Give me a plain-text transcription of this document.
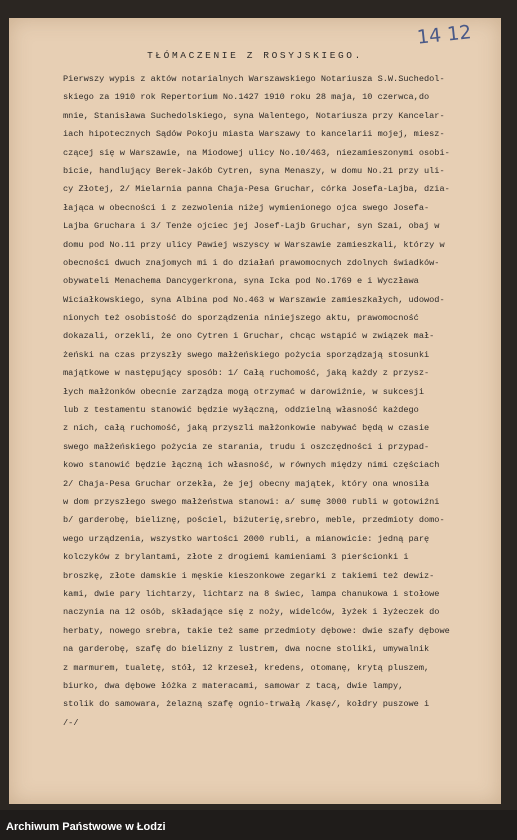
14 12
TŁÓMACZENIE Z ROSYJSKIEGO.
Pierwszy wypis z aktów notarialnych Warszawskiego Notariusza S.W.Suchedol-
skiego za 1910 rok Repertorium No.1427 1910 roku 28 maja, 10 czerwca,do
mnie, Stanisława Suchedolskiego, syna Walentego, Notariusza przy Kancelar-
iach hipotecznych Sądów Pokoju miasta Warszawy to kancelarii mojej, miesz-
czącej się w Warszawie, na Miodowej ulicy No.10/463, niezamieszonymi osobi-
bicie, handlujący Berek-Jakób Cytren, syna Menaszy, w domu No.21 przy uli-
cy Złotej, 2/ Mielarnia panna Chaja-Pesa Gruchar, córka Josefa-Lajba, dzia-
łająca w obecności i z zezwolenia niżej wymienionego ojca swego Josefa-
Lajba Gruchara i 3/ Tenże ojciec jej Josef-Lajb Gruchar, syn Szai, obaj w
domu pod No.11 przy ulicy Pawiej wszyscy w Warszawie zamieszkali, którzy w
obecności dwuch znajomych mi i do działań prawomocnych zdolnych świadków-
obywateli Menachema Dancygerkrona, syna Icka pod No.1769 e i Wyczława
Wiciałkowskiego, syna Albina pod No.463 w Warszawie zamieszkałych, udowod-
nionych też osobistość do sporządzenia niniejszego aktu, prawomocność
dokazali, orzekli, że ono Cytren i Gruchar, chcąc wstąpić w związek mał-
żeński na czas przyszły swego małżeńskiego pożycia sporządzają stosunki
majątkowe w następujący sposób: 1/ Całą ruchomość, jaką każdy z przysz-
łych małżonków obecnie zarządza mogą otrzymać w darowiźnie, w sukcesji
lub z testamentu stanowić będzie wyłączną, oddzielną własność każdego
z nich, całą ruchomość, jaką przyszli małżonkowie nabywać będą w czasie
swego małżeńskiego pożycia ze starania, trudu i oszczędności i przypad-
kowo stanowić będzie łączną ich własność, w równych między nimi częściach
2/ Chaja-Pesa Gruchar orzekła, że jej obecny majątek, który ona wnosiła
w dom przyszłego swego małżeństwa stanowi: a/ sumę 3000 rubli w gotowiźni
b/ garderobę, bieliznę, pościel, biżuterię,srebro, meble, przedmioty domo-
wego urządzenia, wszystko wartości 2000 rubli, a mianowicie: jedną parę
kolczyków z brylantami, złote z drogiemi kamieniami 3 pierścionki i
broszkę, złote damskie i męskie kieszonkowe zegarki z takiemi też dewiz-
kami, dwie pary lichtarzy, lichtarz na 8 świec, lampa chanukowa i stołowe
naczynia na 12 osób, składające się z noży, widelców, łyżek i łyżeczek do
herbaty, nowego srebra, takie też same przedmioty dębowe: dwie szafy dębowe
na garderobę, szafę do bielizny z lustrem, dwa nocne stoliki, umywalnik
z marmurem, tualetę, stół, 12 krzeseł, kredens, otomanę, krytą pluszem,
biurko, dwa dębowe łóżka z materacami, samowar z tacą, dwie lampy,
stolik do samowara, żelazną szafę ognio-trwałą /kasę/, kołdry puszowe i
/-/
Archiwum Państwowe w Łodzi
